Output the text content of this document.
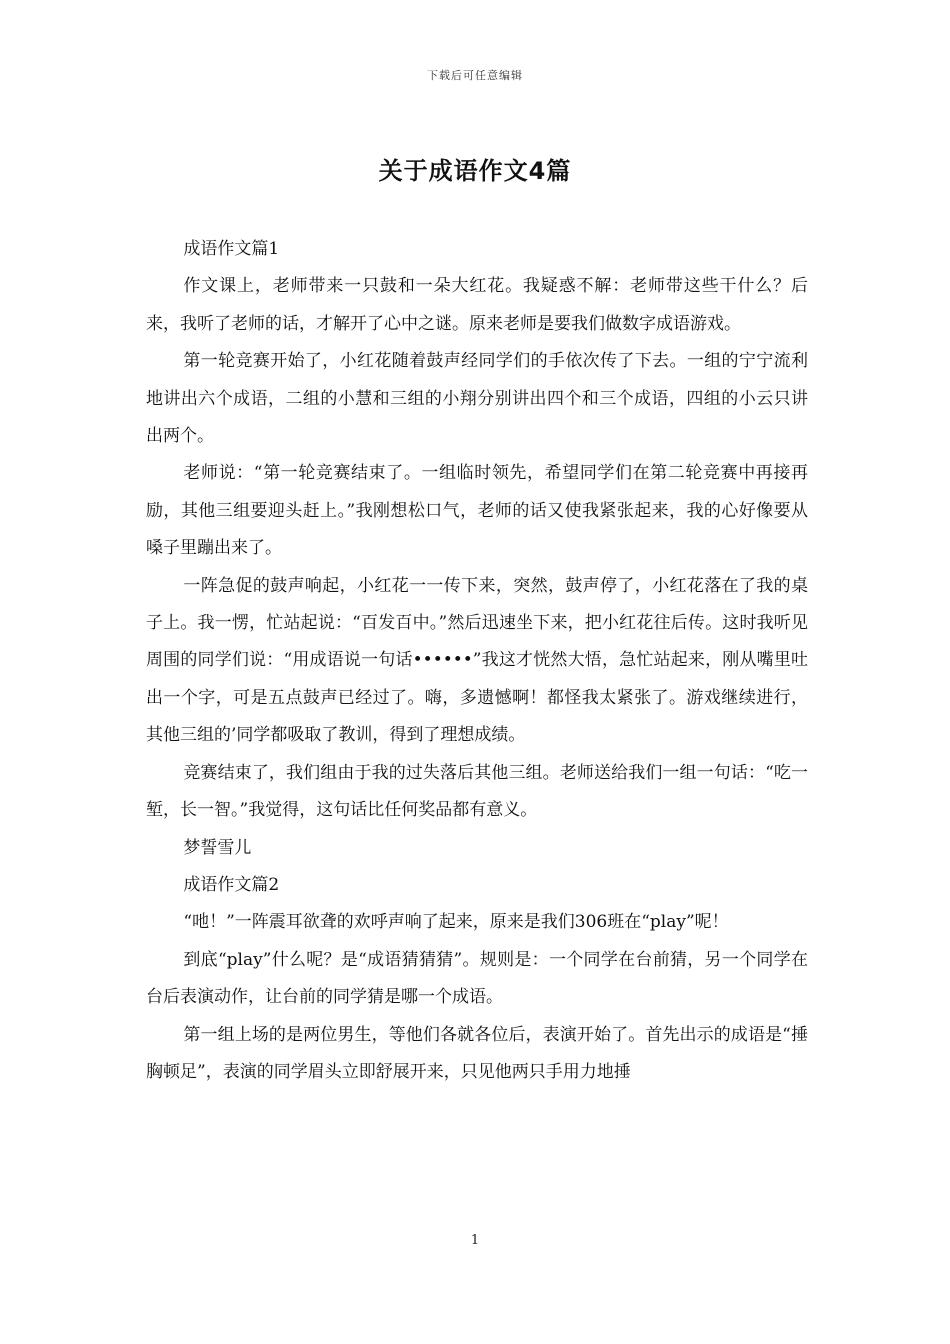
下载后可任意编辑
关于成语作文4篇

成语作文篇1

作文课上，老师带来一只鼓和一朵大红花。我疑惑不解：老师带这些干什么？后来，我听了老师的话，才解开了心中之谜。原来老师是要我们做数字成语游戏。

第一轮竞赛开始了，小红花随着鼓声经同学们的手依次传了下去。一组的宁宁流利地讲出六个成语，二组的小慧和三组的小翔分别讲出四个和三个成语，四组的小云只讲出两个。

老师说：“第一轮竞赛结束了。一组临时领先，希望同学们在第二轮竞赛中再接再励，其他三组要迎头赶上。”我刚想松口气，老师的话又使我紧张起来，我的心好像要从嗓子里蹦出来了。

一阵急促的鼓声响起，小红花一一传下来，突然，鼓声停了，小红花落在了我的桌子上。我一愣，忙站起说：“百发百中。”然后迅速坐下来，把小红花往后传。这时我听见周围的同学们说：“用成语说一句话••••••”我这才恍然大悟，急忙站起来，刚从嘴里吐出一个字，可是五点鼓声已经过了。嗨，多遗憾啊！都怪我太紧张了。游戏继续进行，其他三组的’同学都吸取了教训，得到了理想成绩。

竞赛结束了，我们组由于我的过失落后其他三组。老师送给我们一组一句话：“吃一堑，长一智。”我觉得，这句话比任何奖品都有意义。

梦誓雪儿

成语作文篇2

“吔！”一阵震耳欲聋的欢呼声响了起来，原来是我们306班在“play”呢！

到底“play”什么呢？是“成语猜猜猜”。规则是：一个同学在台前猜，另一个同学在台后表演动作，让台前的同学猜是哪一个成语。

第一组上场的是两位男生，等他们各就各位后，表演开始了。首先出示的成语是“捶胸顿足”，表演的同学眉头立即舒展开来，只见他两只手用力地捶

1
